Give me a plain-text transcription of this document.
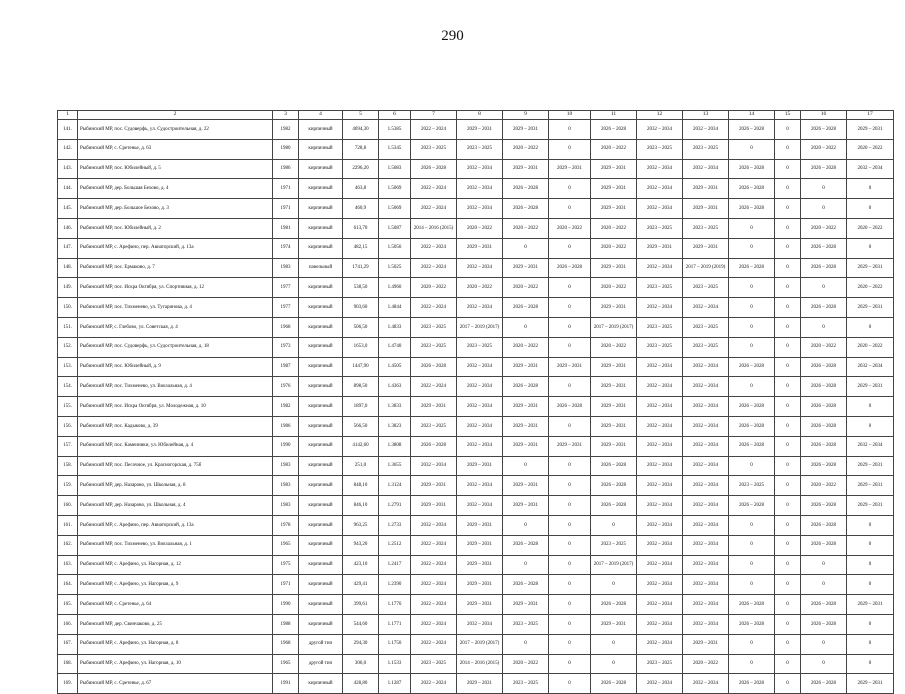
290
1	2	3	4	5	6	7	8	9	10	11	12	13	14	15	16	17
141.	Рыбинский МР, пос. Судоверфь, ул. Судостроительная, д. 22	1982	кирпичный	4694,30	1.5385	2022 – 2024	2029 – 2031	2029 – 2031	0	2026 – 2028	2032 – 2034	2032 – 2034	2026 – 2028	0	2026 – 2028	2029 – 2031
142.	Рыбинский МР, с. Сретенье, д. 63	1980	кирпичный	728,8	1.5345	2023 – 2025	2023 – 2025	2020 – 2022	0	2020 – 2022	2023 – 2025	2023 – 2025	0	0	2020 – 2022	2020 – 2022
143.	Рыбинский МР, пос. Юбилейный, д. 5	1986	кирпичный	2296,20	1.5083	2026 – 2028	2032 – 2034	2029 – 2031	2029 – 2031	2029 – 2031	2032 – 2034	2032 – 2034	2026 – 2028	0	2026 – 2028	2032 – 2034
144.	Рыбинский МР, дер. Большая Бехово, д. 4	1971	кирпичный	463,8	1.5069	2022 – 2024	2032 – 2034	2026 – 2028	0	2029 – 2031	2032 – 2034	2029 – 2031	2026 – 2028	0	0	0
145.	Рыбинский МР, дер. Большое Бехово, д. 3	1971	кирпичный	460,9	1.5069	2022 – 2024	2032 – 2034	2026 – 2028	0	2029 – 2031	2032 – 2034	2029 – 2031	2026 – 2028	0	0	0
146.	Рыбинский МР, пос. Юбилейный, д. 2	1981	кирпичный	613,70	1.5087	2014 – 2016 (2015)	2020 – 2022	2020 – 2022	2020 – 2022	2020 – 2022	2023 – 2025	2023 – 2025	0	0	2020 – 2022	2020 – 2022
147.	Рыбинский МР, с. Арефино, пер. Авиаторский, д. 13а	1974	кирпичный	482,15	1.5056	2022 – 2024	2029 – 2031	0	0	2020 – 2022	2029 – 2031	2029 – 2031	0	0	2026 – 2028	0
148.	Рыбинский МР, пос. Ермаково, д. 7	1983	панельный	1741,29	1.5025	2022 – 2024	2032 – 2034	2029 – 2031	2026 – 2028	2029 – 2031	2032 – 2034	2017 – 2019 (2019)	2026 – 2028	0	2026 – 2028	2029 – 2031
149.	Рыбинский МР, пос. Искра Октября, ул. Спортивная, д. 12	1977	кирпичный	538,50	1.4960	2020 – 2022	2020 – 2022	2020 – 2022	0	2020 – 2022	2023 – 2025	2023 – 2025	0	0	0	2020 – 2022
150.	Рыбинский МР, пос. Тихменево, ул. Тугаринова, д. 4	1977	кирпичный	903,60	1.4844	2022 – 2024	2032 – 2034	2026 – 2028	0	2029 – 2031	2032 – 2034	2032 – 2034	0	0	2026 – 2028	2029 – 2031
151.	Рыбинский МР, с. Глебово, ул. Советская, д. 4	1968	кирпичный	506,50	1.4833	2023 – 2025	2017 – 2019 (2017)	0	0	2017 – 2019 (2017)	2023 – 2025	2023 – 2025	0	0	0	0
152.	Рыбинский МР, пос. Судоверфь, ул. Судостроительная, д. 18	1973	кирпичный	1653,0	1.4740	2023 – 2025	2023 – 2025	2020 – 2022	0	2020 – 2022	2023 – 2025	2023 – 2025	0	0	2020 – 2022	2020 – 2022
153.	Рыбинский МР, пос. Юбилейный, д. 9	1987	кирпичный	1447,90	1.4505	2026 – 2028	2032 – 2034	2029 – 2031	2029 – 2031	2029 – 2031	2032 – 2034	2032 – 2034	2026 – 2028	0	2026 – 2028	2032 – 2034
154.	Рыбинский МР, пос. Тихменево, ул. Вокзальная, д. 4	1976	кирпичный	898,50	1.4363	2022 – 2024	2032 – 2034	2026 – 2028	0	2029 – 2031	2032 – 2034	2032 – 2034	0	0	2026 – 2028	2029 – 2031
155.	Рыбинский МР, пос. Искра Октября, ул. Молодежная, д. 10	1982	кирпичный	1897,0	1.3833	2029 – 2031	2032 – 2034	2029 – 2031	2026 – 2028	2029 – 2031	2032 – 2034	2032 – 2034	2026 – 2028	0	2026 – 2028	0
156.	Рыбинский МР, пос. Кадыково, д. 39	1986	кирпичный	566,50	1.3823	2023 – 2025	2032 – 2034	2029 – 2031	0	2029 – 2031	2032 – 2034	2032 – 2034	2026 – 2028	0	2026 – 2028	0
157.	Рыбинский МР, пос. Каменники, ул. Юбилейная, д. 4	1990	кирпичный	4142,60	1.3808	2026 – 2028	2032 – 2034	2029 – 2031	2029 – 2031	2029 – 2031	2032 – 2034	2032 – 2034	2026 – 2028	0	2026 – 2028	2032 – 2034
158.	Рыбинский МР, пос. Песочное, ул. Красногорская, д. 75б	1983	кирпичный	251,0	1.3655	2032 – 2034	2029 – 2031	0	0	2026 – 2028	2032 – 2034	2032 – 2034	0	0	2026 – 2028	2029 – 2031
159.	Рыбинский МР, дер. Назарово, ул. Школьная, д. 8	1983	кирпичный	848,10	1.3124	2029 – 2031	2032 – 2034	2029 – 2031	0	2026 – 2028	2032 – 2034	2032 – 2034	2023 – 2025	0	2020 – 2022	2029 – 2031
160.	Рыбинский МР, дер. Назарово, ул. Школьная, д. 4	1983	кирпичный	846,10	1.2791	2029 – 2031	2032 – 2034	2029 – 2031	0	2026 – 2028	2032 – 2034	2032 – 2034	2026 – 2028	0	2026 – 2028	2029 – 2031
161.	Рыбинский МР, с. Арефино, пер. Авиаторский, д. 13а	1978	кирпичный	963,25	1.2733	2032 – 2034	2029 – 2031	0	0	0	2032 – 2034	2032 – 2034	0	0	2026 – 2028	0
162.	Рыбинский МР, пос. Тихменево, ул. Вокзальная, д. 1	1965	кирпичный	943,20	1.2512	2022 – 2024	2029 – 2031	2026 – 2028	0	2023 – 2025	2032 – 2034	2032 – 2034	0	0	2026 – 2028	0
163.	Рыбинский МР, с. Арефино, ул. Нагорная, д. 12	1975	кирпичный	423,10	1.2417	2022 – 2024	2029 – 2031	0	0	2017 – 2019 (2017)	2032 – 2034	2032 – 2034	0	0	0	0
164.	Рыбинский МР, с. Арефино, ул. Нагорная, д. 9	1971	кирпичный	429,41	1.2390	2022 – 2024	2029 – 2031	2026 – 2028	0	0	2032 – 2034	2032 – 2034	0	0	0	0
165.	Рыбинский МР, с. Сретенье, д. 64	1990	кирпичный	399,61	1.1776	2022 – 2024	2029 – 2031	2029 – 2031	0	2026 – 2028	2032 – 2034	2032 – 2034	2026 – 2028	0	2026 – 2028	2029 – 2031
166.	Рыбинский МР, дер. Свинчаково, д. 25	1988	кирпичный	544,60	1.1771	2022 – 2024	2032 – 2034	2023 – 2025	0	2029 – 2031	2032 – 2034	2032 – 2034	2026 – 2028	0	2026 – 2028	0
167.	Рыбинский МР, с. Арефино, ул. Нагорная, д. 8	1968	другой тип	294,30	1.1750	2022 – 2024	2017 – 2019 (2017)	0	0	0	2032 – 2034	2029 – 2031	0	0	0	0
168.	Рыбинский МР, с. Арефино, ул. Нагорная, д. 10	1965	другой тип	306,0	1.1533	2023 – 2025	2014 – 2016 (2015)	2020 – 2022	0	0	2023 – 2025	2020 – 2022	0	0	0	0
169.	Рыбинский МР, с. Сретенье, д. 67	1991	кирпичный	428,80	1.1287	2022 – 2024	2029 – 2031	2023 – 2025	0	2026 – 2028	2032 – 2034	2032 – 2034	2026 – 2028	0	2026 – 2028	2029 – 2031
